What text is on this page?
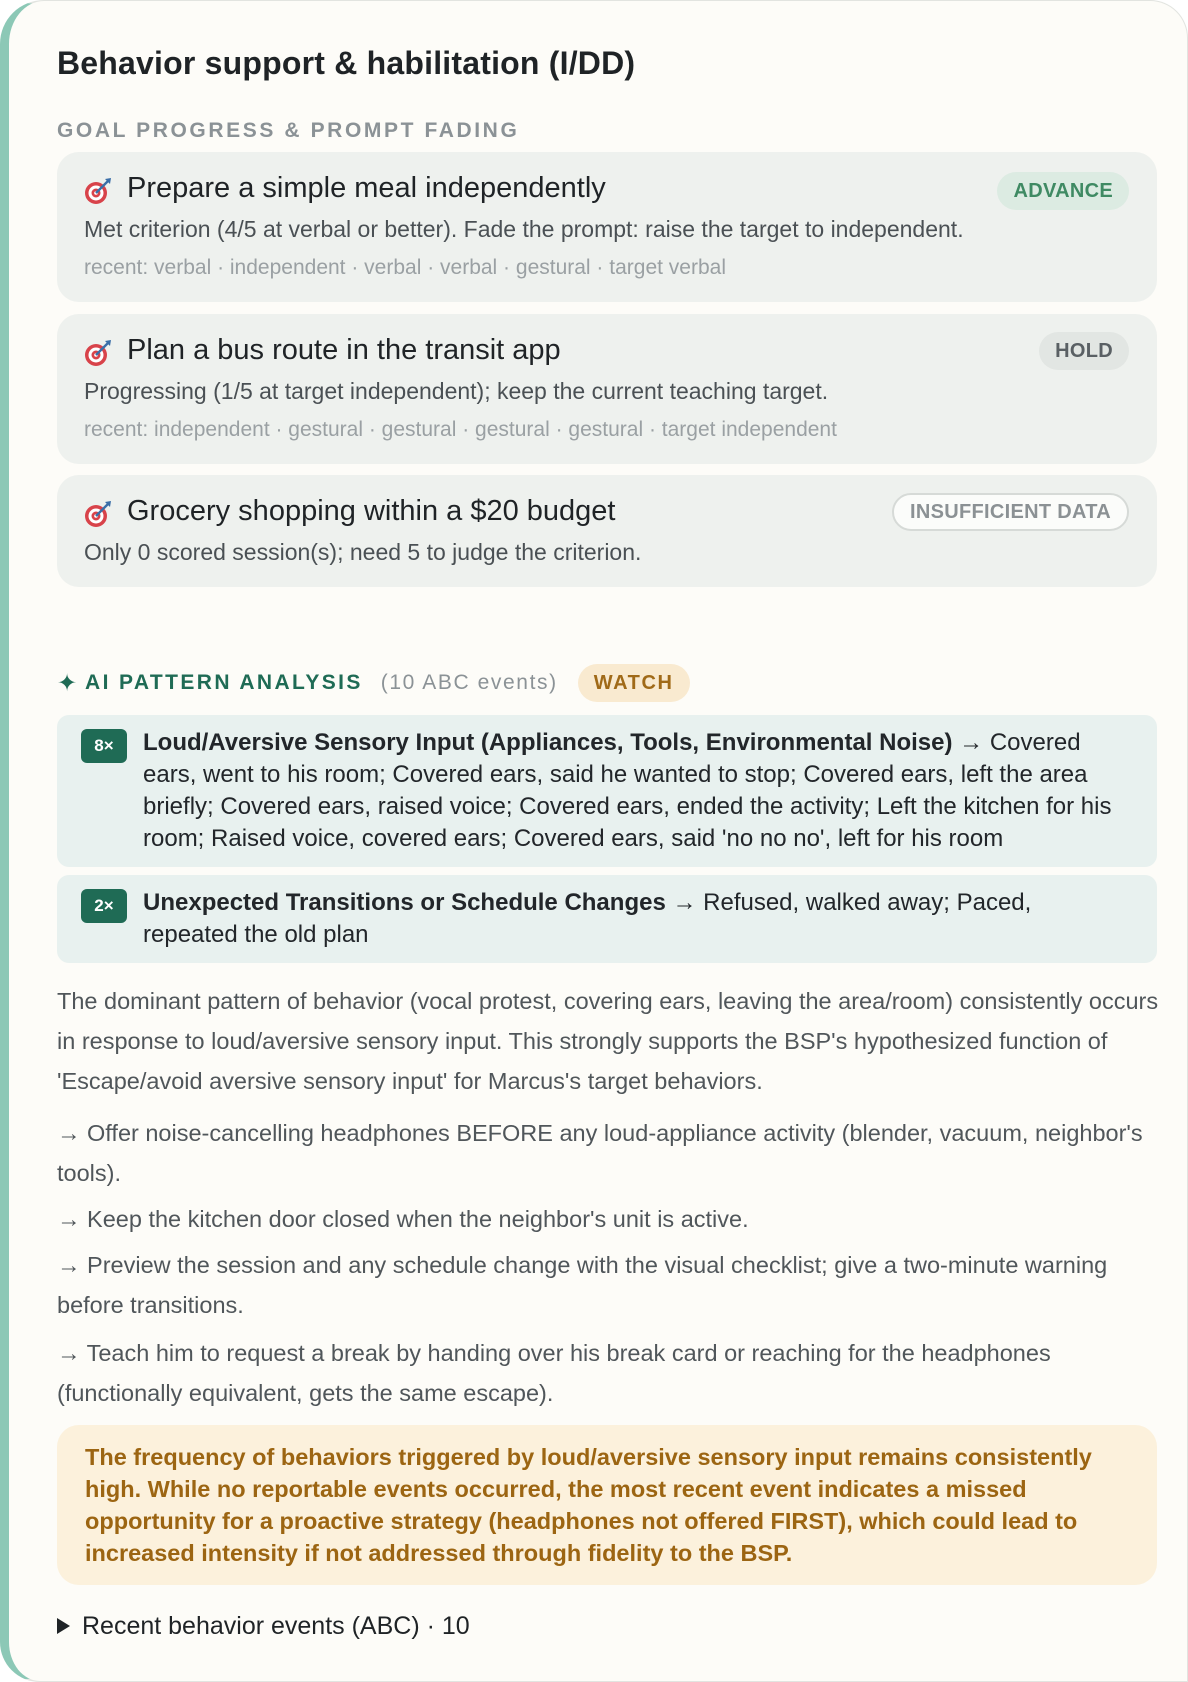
Behavior support & habilitation (I/DD)
GOAL PROGRESS & PROMPT FADING
Prepare a simple meal independently	ADVANCE
Met criterion (4/5 at verbal or better). Fade the prompt: raise the target to independent.
recent: verbal · independent · verbal · verbal · gestural · target verbal
Plan a bus route in the transit app	HOLD
Progressing (1/5 at target independent); keep the current teaching target.
recent: independent · gestural · gestural · gestural · gestural · target independent
Grocery shopping within a $20 budget	INSUFFICIENT DATA
Only 0 scored session(s); need 5 to judge the criterion.
✦ AI PATTERN ANALYSIS (10 ABC events)	WATCH
8×	Loud/Aversive Sensory Input (Appliances, Tools, Environmental Noise) → Covered ears, went to his room; Covered ears, said he wanted to stop; Covered ears, left the area briefly; Covered ears, raised voice; Covered ears, ended the activity; Left the kitchen for his room; Raised voice, covered ears; Covered ears, said 'no no no', left for his room
2×	Unexpected Transitions or Schedule Changes → Refused, walked away; Paced, repeated the old plan
The dominant pattern of behavior (vocal protest, covering ears, leaving the area/room) consistently occurs in response to loud/aversive sensory input. This strongly supports the BSP's hypothesized function of 'Escape/avoid aversive sensory input' for Marcus's target behaviors.
→ Offer noise-cancelling headphones BEFORE any loud-appliance activity (blender, vacuum, neighbor's tools).
→ Keep the kitchen door closed when the neighbor's unit is active.
→ Preview the session and any schedule change with the visual checklist; give a two-minute warning before transitions.
→ Teach him to request a break by handing over his break card or reaching for the headphones (functionally equivalent, gets the same escape).
The frequency of behaviors triggered by loud/aversive sensory input remains consistently high. While no reportable events occurred, the most recent event indicates a missed opportunity for a proactive strategy (headphones not offered FIRST), which could lead to increased intensity if not addressed through fidelity to the BSP.
Recent behavior events (ABC) · 10
